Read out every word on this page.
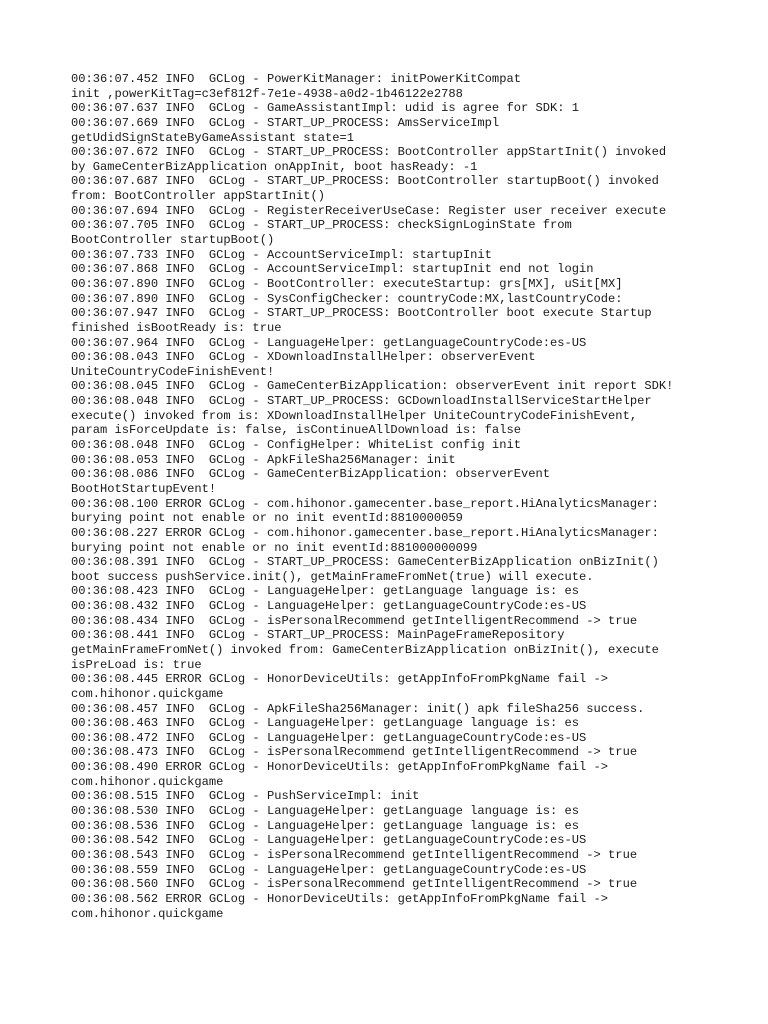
00:36:07.452 INFO  GCLog - PowerKitManager: initPowerKitCompat
init ,powerKitTag=c3ef812f-7e1e-4938-a0d2-1b46122e2788
00:36:07.637 INFO  GCLog - GameAssistantImpl: udid is agree for SDK: 1
00:36:07.669 INFO  GCLog - START_UP_PROCESS: AmsServiceImpl
getUdidSignStateByGameAssistant state=1
00:36:07.672 INFO  GCLog - START_UP_PROCESS: BootController appStartInit() invoked
by GameCenterBizApplication onAppInit, boot hasReady: -1
00:36:07.687 INFO  GCLog - START_UP_PROCESS: BootController startupBoot() invoked
from: BootController appStartInit()
00:36:07.694 INFO  GCLog - RegisterReceiverUseCase: Register user receiver execute
00:36:07.705 INFO  GCLog - START_UP_PROCESS: checkSignLoginState from
BootController startupBoot()
00:36:07.733 INFO  GCLog - AccountServiceImpl: startupInit
00:36:07.868 INFO  GCLog - AccountServiceImpl: startupInit end not login
00:36:07.890 INFO  GCLog - BootController: executeStartup: grs[MX], uSit[MX]
00:36:07.890 INFO  GCLog - SysConfigChecker: countryCode:MX,lastCountryCode:
00:36:07.947 INFO  GCLog - START_UP_PROCESS: BootController boot execute Startup
finished isBootReady is: true
00:36:07.964 INFO  GCLog - LanguageHelper: getLanguageCountryCode:es-US
00:36:08.043 INFO  GCLog - XDownloadInstallHelper: observerEvent
UniteCountryCodeFinishEvent!
00:36:08.045 INFO  GCLog - GameCenterBizApplication: observerEvent init report SDK!
00:36:08.048 INFO  GCLog - START_UP_PROCESS: GCDownloadInstallServiceStartHelper
execute() invoked from is: XDownloadInstallHelper UniteCountryCodeFinishEvent,
param isForceUpdate is: false, isContinueAllDownload is: false
00:36:08.048 INFO  GCLog - ConfigHelper: WhiteList config init
00:36:08.053 INFO  GCLog - ApkFileSha256Manager: init
00:36:08.086 INFO  GCLog - GameCenterBizApplication: observerEvent
BootHotStartupEvent!
00:36:08.100 ERROR GCLog - com.hihonor.gamecenter.base_report.HiAnalyticsManager:
burying point not enable or no init eventId:8810000059
00:36:08.227 ERROR GCLog - com.hihonor.gamecenter.base_report.HiAnalyticsManager:
burying point not enable or no init eventId:881000000099
00:36:08.391 INFO  GCLog - START_UP_PROCESS: GameCenterBizApplication onBizInit()
boot success pushService.init(), getMainFrameFromNet(true) will execute.
00:36:08.423 INFO  GCLog - LanguageHelper: getLanguage language is: es
00:36:08.432 INFO  GCLog - LanguageHelper: getLanguageCountryCode:es-US
00:36:08.434 INFO  GCLog - isPersonalRecommend getIntelligentRecommend -> true
00:36:08.441 INFO  GCLog - START_UP_PROCESS: MainPageFrameRepository
getMainFrameFromNet() invoked from: GameCenterBizApplication onBizInit(), execute
isPreLoad is: true
00:36:08.445 ERROR GCLog - HonorDeviceUtils: getAppInfoFromPkgName fail ->
com.hihonor.quickgame
00:36:08.457 INFO  GCLog - ApkFileSha256Manager: init() apk fileSha256 success.
00:36:08.463 INFO  GCLog - LanguageHelper: getLanguage language is: es
00:36:08.472 INFO  GCLog - LanguageHelper: getLanguageCountryCode:es-US
00:36:08.473 INFO  GCLog - isPersonalRecommend getIntelligentRecommend -> true
00:36:08.490 ERROR GCLog - HonorDeviceUtils: getAppInfoFromPkgName fail ->
com.hihonor.quickgame
00:36:08.515 INFO  GCLog - PushServiceImpl: init
00:36:08.530 INFO  GCLog - LanguageHelper: getLanguage language is: es
00:36:08.536 INFO  GCLog - LanguageHelper: getLanguage language is: es
00:36:08.542 INFO  GCLog - LanguageHelper: getLanguageCountryCode:es-US
00:36:08.543 INFO  GCLog - isPersonalRecommend getIntelligentRecommend -> true
00:36:08.559 INFO  GCLog - LanguageHelper: getLanguageCountryCode:es-US
00:36:08.560 INFO  GCLog - isPersonalRecommend getIntelligentRecommend -> true
00:36:08.562 ERROR GCLog - HonorDeviceUtils: getAppInfoFromPkgName fail ->
com.hihonor.quickgame
